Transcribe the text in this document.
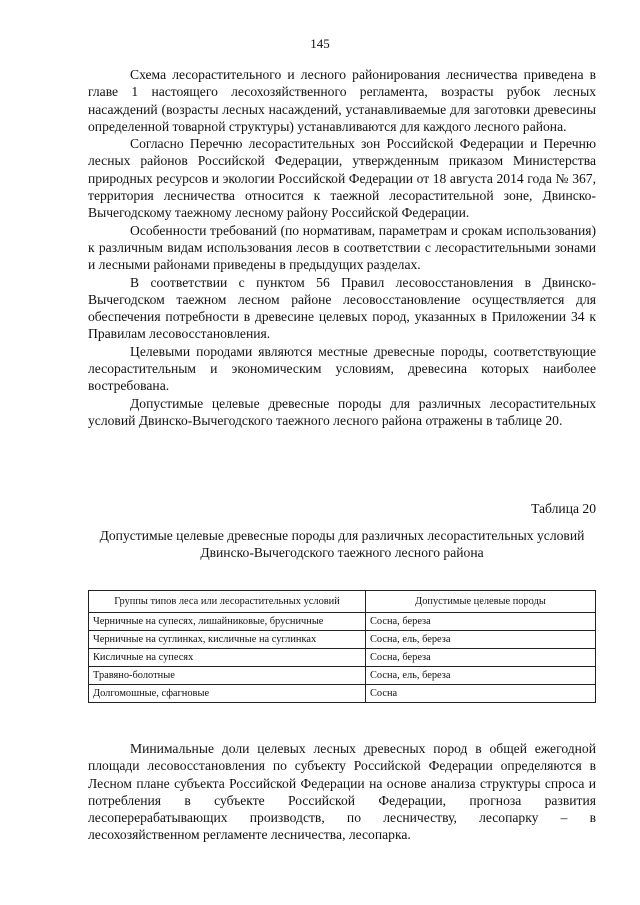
145

Схема лесорастительного и лесного районирования лесничества приведена в главе 1 настоящего лесохозяйственного регламента, возрасты рубок лесных насаждений (возрасты лесных насаждений, устанавливаемые для заготовки древесины определенной товарной структуры) устанавливаются для каждого лесного района.

Согласно Перечню лесорастительных зон Российской Федерации и Перечню лесных районов Российской Федерации, утвержденным приказом Министерства природных ресурсов и экологии Российской Федерации от 18 августа 2014 года № 367, территория лесничества относится к таежной лесорастительной зоне, Двинско-Вычегодскому таежному лесному району Российской Федерации.

Особенности требований (по нормативам, параметрам и срокам использования) к различным видам использования лесов в соответствии с лесорастительными зонами и лесными районами приведены в предыдущих разделах.

В соответствии с пунктом 56 Правил лесовосстановления в Двинско-Вычегодском таежном лесном районе лесовосстановление осуществляется для обеспечения потребности в древесине целевых пород, указанных в Приложении 34 к Правилам лесовосстановления.

Целевыми породами являются местные древесные породы, соответствующие лесорастительным и экономическим условиям, древесина которых наиболее востребована.

Допустимые целевые древесные породы для различных лесорастительных условий Двинско-Вычегодского таежного лесного района отражены в таблице 20.

Таблица 20
Допустимые целевые древесные породы для различных лесорастительных условий Двинско-Вычегодского таежного лесного района
Группы типов леса или лесорастительных условий	Допустимые целевые породы
Черничные на супесях, лишайниковые, брусничные	Сосна, береза
Черничные на суглинках, кисличные на суглинках	Сосна, ель, береза
Кисличные на супесях	Сосна, береза
Травяно-болотные	Сосна, ель, береза
Долгомошные, сфагновые	Сосна

Минимальные доли целевых лесных древесных пород в общей ежегодной площади лесовосстановления по субъекту Российской Федерации определяются в Лесном плане субъекта Российской Федерации на основе анализа структуры спроса и потребления в субъекте Российской Федерации, прогноза развития лесоперерабатывающих производств, по лесничеству, лесопарку – в лесохозяйственном регламенте лесничества, лесопарка.
